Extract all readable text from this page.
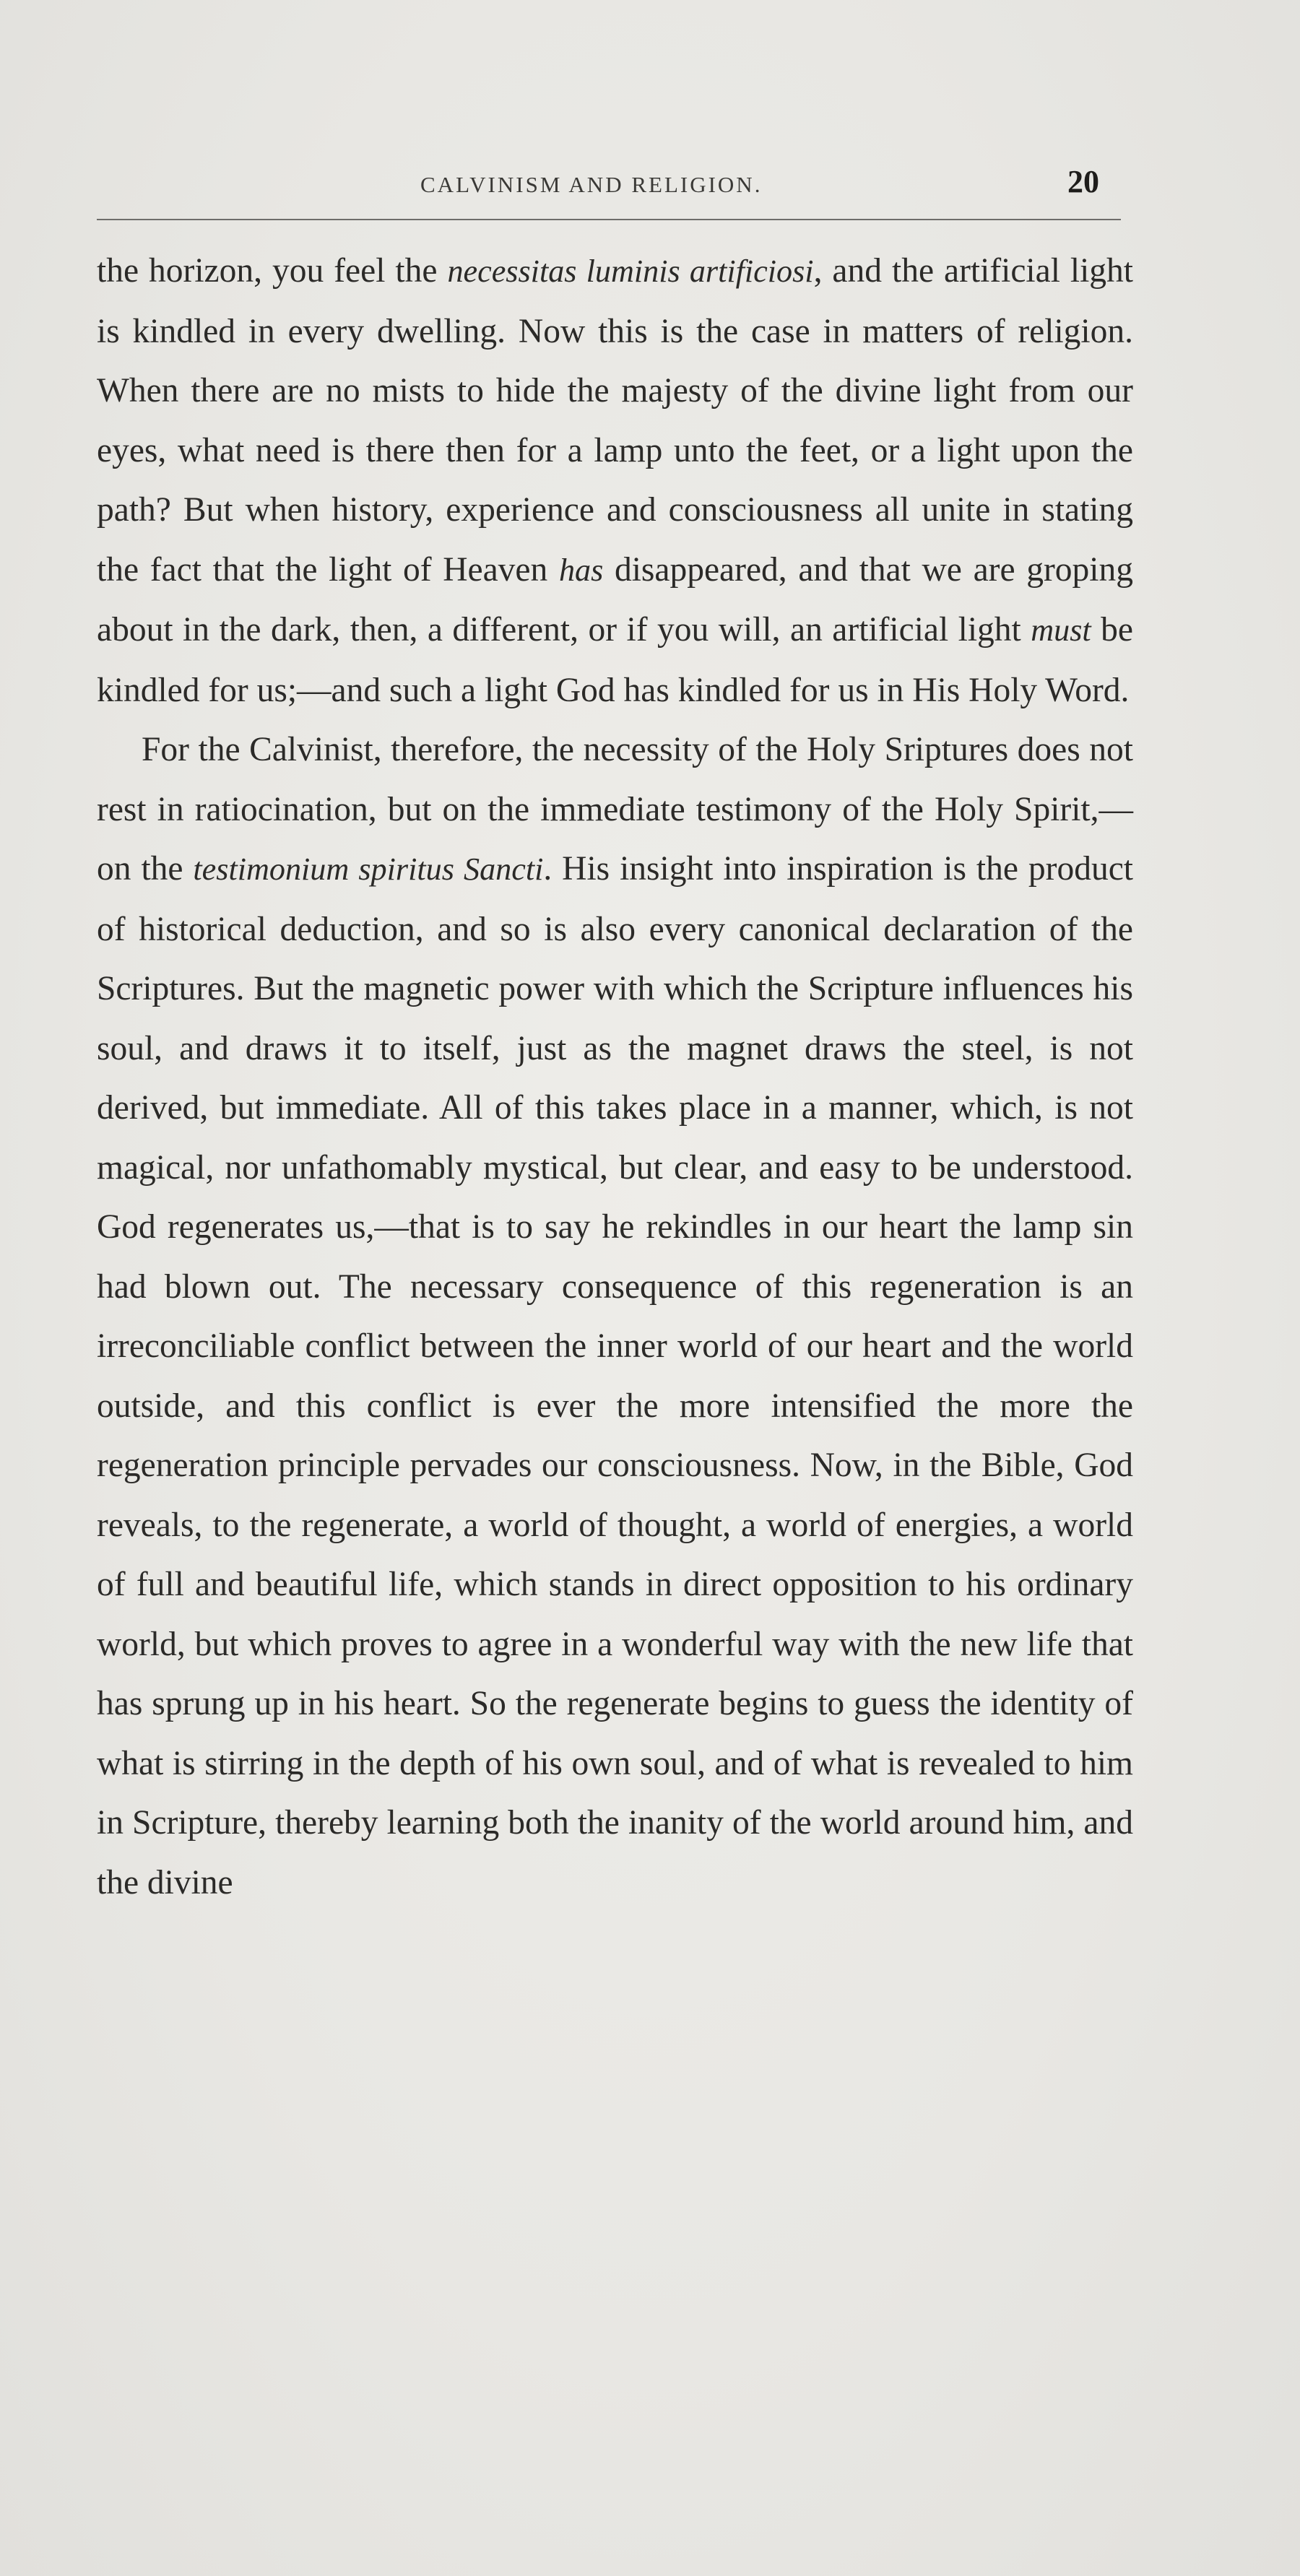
CALVINISM AND RELIGION.	20

the horizon, you feel the necessitas luminis artificiosi, and the artificial light is kindled in every dwelling. Now this is the case in matters of religion. When there are no mists to hide the majesty of the divine light from our eyes, what need is there then for a lamp unto the feet, or a light upon the path? But when history, experience and consciousness all unite in stating the fact that the light of Heaven has disappeared, and that we are groping about in the dark, then, a different, or if you will, an artificial light must be kindled for us;—and such a light God has kindled for us in His Holy Word.

For the Calvinist, therefore, the necessity of the Holy Sriptures does not rest in ratiocination, but on the immediate testimony of the Holy Spirit,—on the testimonium spiritus Sancti. His insight into inspiration is the product of historical deduction, and so is also every canonical declaration of the Scriptures. But the magnetic power with which the Scripture influences his soul, and draws it to itself, just as the magnet draws the steel, is not derived, but immediate. All of this takes place in a manner, which, is not magical, nor unfathomably mystical, but clear, and easy to be understood. God regenerates us,—that is to say he rekindles in our heart the lamp sin had blown out. The necessary consequence of this regeneration is an irreconciliable conflict between the inner world of our heart and the world outside, and this conflict is ever the more intensified the more the regeneration principle pervades our consciousness. Now, in the Bible, God reveals, to the regenerate, a world of thought, a world of energies, a world of full and beautiful life, which stands in direct opposition to his ordinary world, but which proves to agree in a wonderful way with the new life that has sprung up in his heart. So the regenerate begins to guess the identity of what is stirring in the depth of his own soul, and of what is revealed to him in Scripture, thereby learning both the inanity of the world around him, and the divine
